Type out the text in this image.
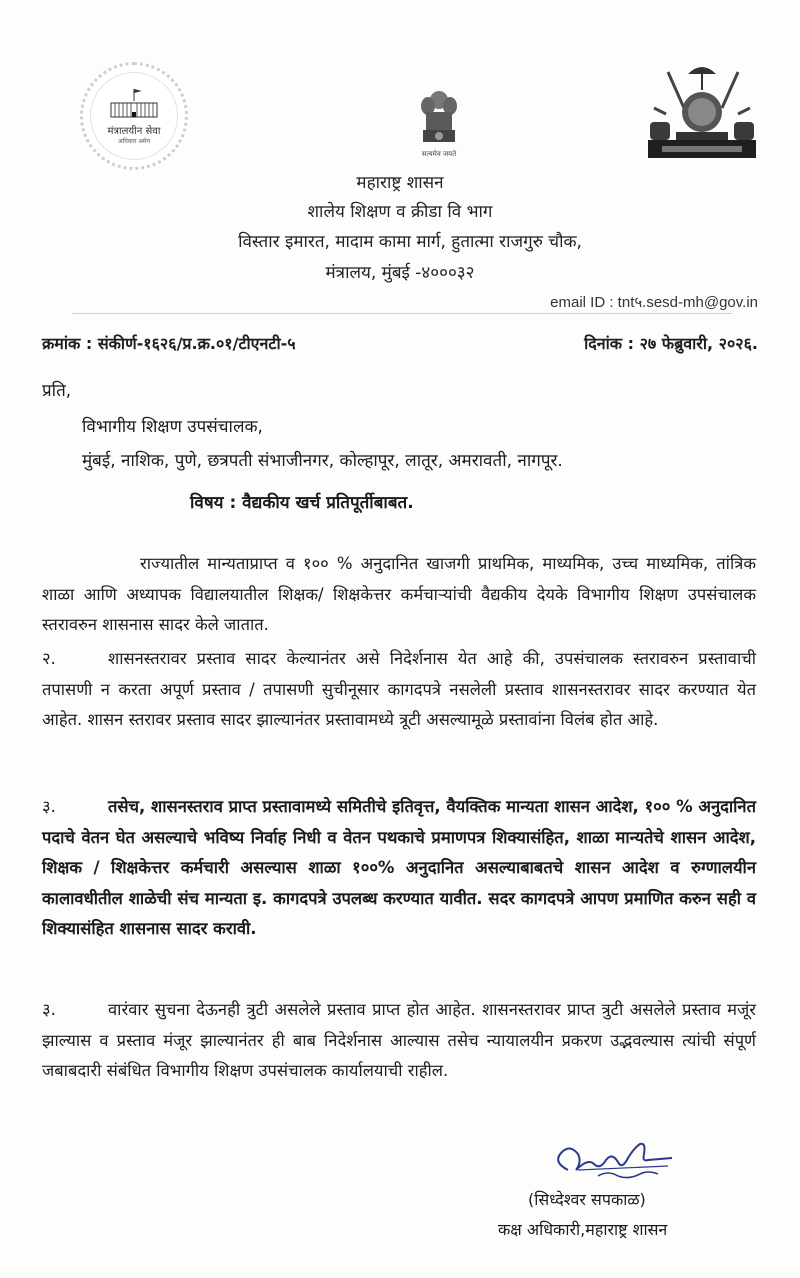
मंत्रालयीन सेवा
अधिकार अमेय
सत्यमेव जयते
महाराष्ट्र शासन
शालेय शिक्षण व क्रीडा वि भाग
विस्तार इमारत, मादाम कामा मार्ग, हुतात्मा राजगुरु चौक,
मंत्रालय, मुंबई -४०००३२
email ID : tnt५.sesd-mh@gov.in
क्रमांक : संकीर्ण-१६२६/प्र.क्र.०१/टीएनटी-५	दिनांक : २७ फेब्रुवारी, २०२६.
प्रति,
विभागीय शिक्षण उपसंचालक,
मुंबई, नाशिक, पुणे, छत्रपती संभाजीनगर, कोल्हापूर, लातूर, अमरावती, नागपूर.
विषय : वैद्यकीय खर्च प्रतिपूर्तीबाबत.
राज्यातील मान्यताप्राप्त व १०० % अनुदानित खाजगी प्राथमिक, माध्यमिक, उच्च माध्यमिक, तांत्रिक शाळा आणि अध्यापक विद्यालयातील शिक्षक/ शिक्षकेत्तर कर्मचाऱ्यांची वैद्यकीय देयके विभागीय शिक्षण उपसंचालक स्तरावरुन शासनास सादर केले जातात.
२.	शासनस्तरावर प्रस्ताव सादर केल्यानंतर असे निदेर्शनास येत आहे की, उपसंचालक स्तरावरुन प्रस्तावाची तपासणी न करता अपूर्ण प्रस्ताव / तपासणी सुचीनूसार कागदपत्रे नसलेली प्रस्ताव शासनस्तरावर सादर करण्यात येत आहेत. शासन स्तरावर प्रस्ताव सादर झाल्यानंतर प्रस्तावामध्ये त्रूटी असल्यामूळे प्रस्तावांना विलंब होत आहे.
३.	तसेच, शासनस्तराव प्राप्त प्रस्तावामध्ये समितीचे इतिवृत्त, वैयक्तिक मान्यता शासन आदेश, १०० % अनुदानित पदाचे वेतन घेत असल्याचे भविष्य निर्वाह निधी व वेतन पथकाचे प्रमाणपत्र शिक्यासंहित, शाळा मान्यतेचे शासन आदेश, शिक्षक / शिक्षकेत्तर कर्मचारी असल्यास शाळा १००% अनुदानित असल्याबाबतचे शासन आदेश व रुग्णालयीन कालावधीतील शाळेची संच मान्यता इ. कागदपत्रे उपलब्ध करण्यात यावीत. सदर कागदपत्रे आपण प्रमाणित करुन सही व शिक्यासंहित शासनास सादर करावी.
३.	वारंवार सुचना देऊनही त्रुटी असलेले प्रस्ताव प्राप्त होत आहेत. शासनस्तरावर प्राप्त त्रुटी असलेले प्रस्ताव मजूंर झाल्यास व प्रस्ताव मंजूर झाल्यानंतर ही बाब निदेर्शनास आल्यास तसेच न्यायालयीन प्रकरण उद्भवल्यास त्यांची संपूर्ण जबाबदारी संबंधित विभागीय शिक्षण उपसंचालक कार्यालयाची राहील.
(सिध्देश्वर सपकाळ)
कक्ष अधिकारी,महाराष्ट्र शासन
